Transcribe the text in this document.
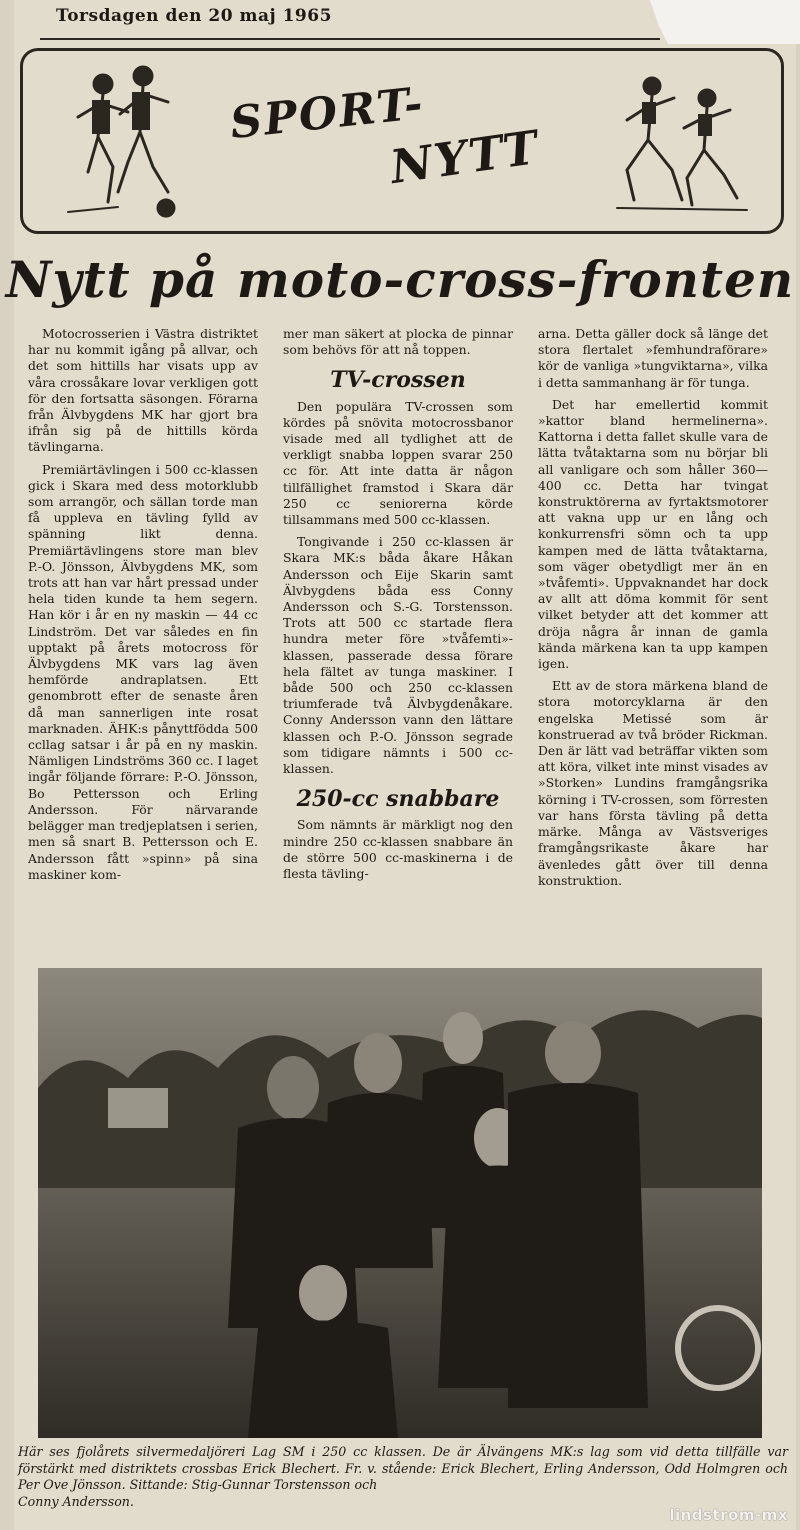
Torsdagen den 20 maj 1965
SPORT-
NYTT
Nytt på moto-cross-fronten

Motocrosserien i Västra distriktet har nu kommit igång på allvar, och det som hittills har visats upp av våra crossåkare lovar verkligen gott för den fortsatta säsongen. Förarna från Älvbygdens MK har gjort bra ifrån sig på de hittills körda tävlingarna.

Premiärtävlingen i 500 cc-klassen gick i Skara med dess motorklubb som arrangör, och sällan torde man få uppleva en tävling fylld av spänning likt denna. Premiärtävlingens store man blev P.-O. Jönsson, Älvbygdens MK, som trots att han var hårt pressad under hela tiden kunde ta hem segern. Han kör i år en ny maskin — 44 cc Lindström. Det var således en fin upptakt på årets motocross för Älvbygdens MK vars lag även hemförde andraplatsen. Ett genombrott efter de senaste åren då man sannerligen inte rosat marknaden. ÄHK:s pånyttfödda 500 ccllag satsar i år på en ny maskin. Nämligen Lindströms 360 cc. I laget ingår följande förrare: P.-O. Jönsson, Bo Pettersson och Erling Andersson. För närvarande belägger man tredjeplatsen i serien, men så snart B. Pettersson och E. Andersson fått »spinn» på sina maskiner kom-

mer man säkert at plocka de pinnar som behövs för att nå toppen.

TV-crossen

Den populära TV-crossen som kördes på snövita motocrossbanor visade med all tydlighet att de verkligt snabba loppen svarar 250 cc för. Att inte datta är någon tillfällighet framstod i Skara där 250 cc seniorerna körde tillsammans med 500 cc-klassen.

Tongivande i 250 cc-klassen är Skara MK:s båda åkare Håkan Andersson och Eije Skarin samt Älvbygdens båda ess Conny Andersson och S.-G. Torstensson. Trots att 500 cc startade flera hundra meter före »tvåfemti»-klassen, passerade dessa förare hela fältet av tunga maskiner. I både 500 och 250 cc-klassen triumferade två Älvbygdenåkare. Conny Andersson vann den lättare klassen och P.-O. Jönsson segrade som tidigare nämnts i 500 cc-klassen.

250-cc snabbare

Som nämnts är märkligt nog den mindre 250 cc-klassen snabbare än de större 500 cc-maskinerna i de flesta tävling-

arna. Detta gäller dock så länge det stora flertalet »femhundraförare» kör de vanliga »tungviktarna», vilka i detta sammanhang är för tunga.

Det har emellertid kommit »kattor bland hermelinerna». Kattorna i detta fallet skulle vara de lätta tvåtaktarna som nu börjar bli all vanligare och som håller 360—400 cc. Detta har tvingat konstruktörerna av fyrtaktsmotorer att vakna upp ur en lång och konkurrensfri sömn och ta upp kampen med de lätta tvåtaktarna, som väger obetydligt mer än en »tvåfemti». Uppvaknandet har dock av allt att döma kommit för sent vilket betyder att det kommer att dröja några år innan de gamla kända märkena kan ta upp kampen igen.

Ett av de stora märkena bland de stora motorcyklarna är den engelska Metissé som är konstruerad av två bröder Rickman. Den är lätt vad beträffar vikten som att köra, vilket inte minst visades av »Storken» Lundins framgångsrika körning i TV-crossen, som förresten var hans första tävling på detta märke. Många av Västsveriges framgångsrikaste åkare har ävenledes gått över till denna konstruktion.

Här ses fjolårets silvermedaljöreri Lag SM i 250 cc klassen. De är Älvängens MK:s lag som vid detta tillfälle var förstärkt med distriktets crossbas Erick Blechert. Fr. v. stående: Erick Blechert, Erling Andersson, Odd Holmgren och Per Ove Jönsson. Sittande: Stig-Gunnar Torstensson och
Conny Andersson.
lindstrom-mx
